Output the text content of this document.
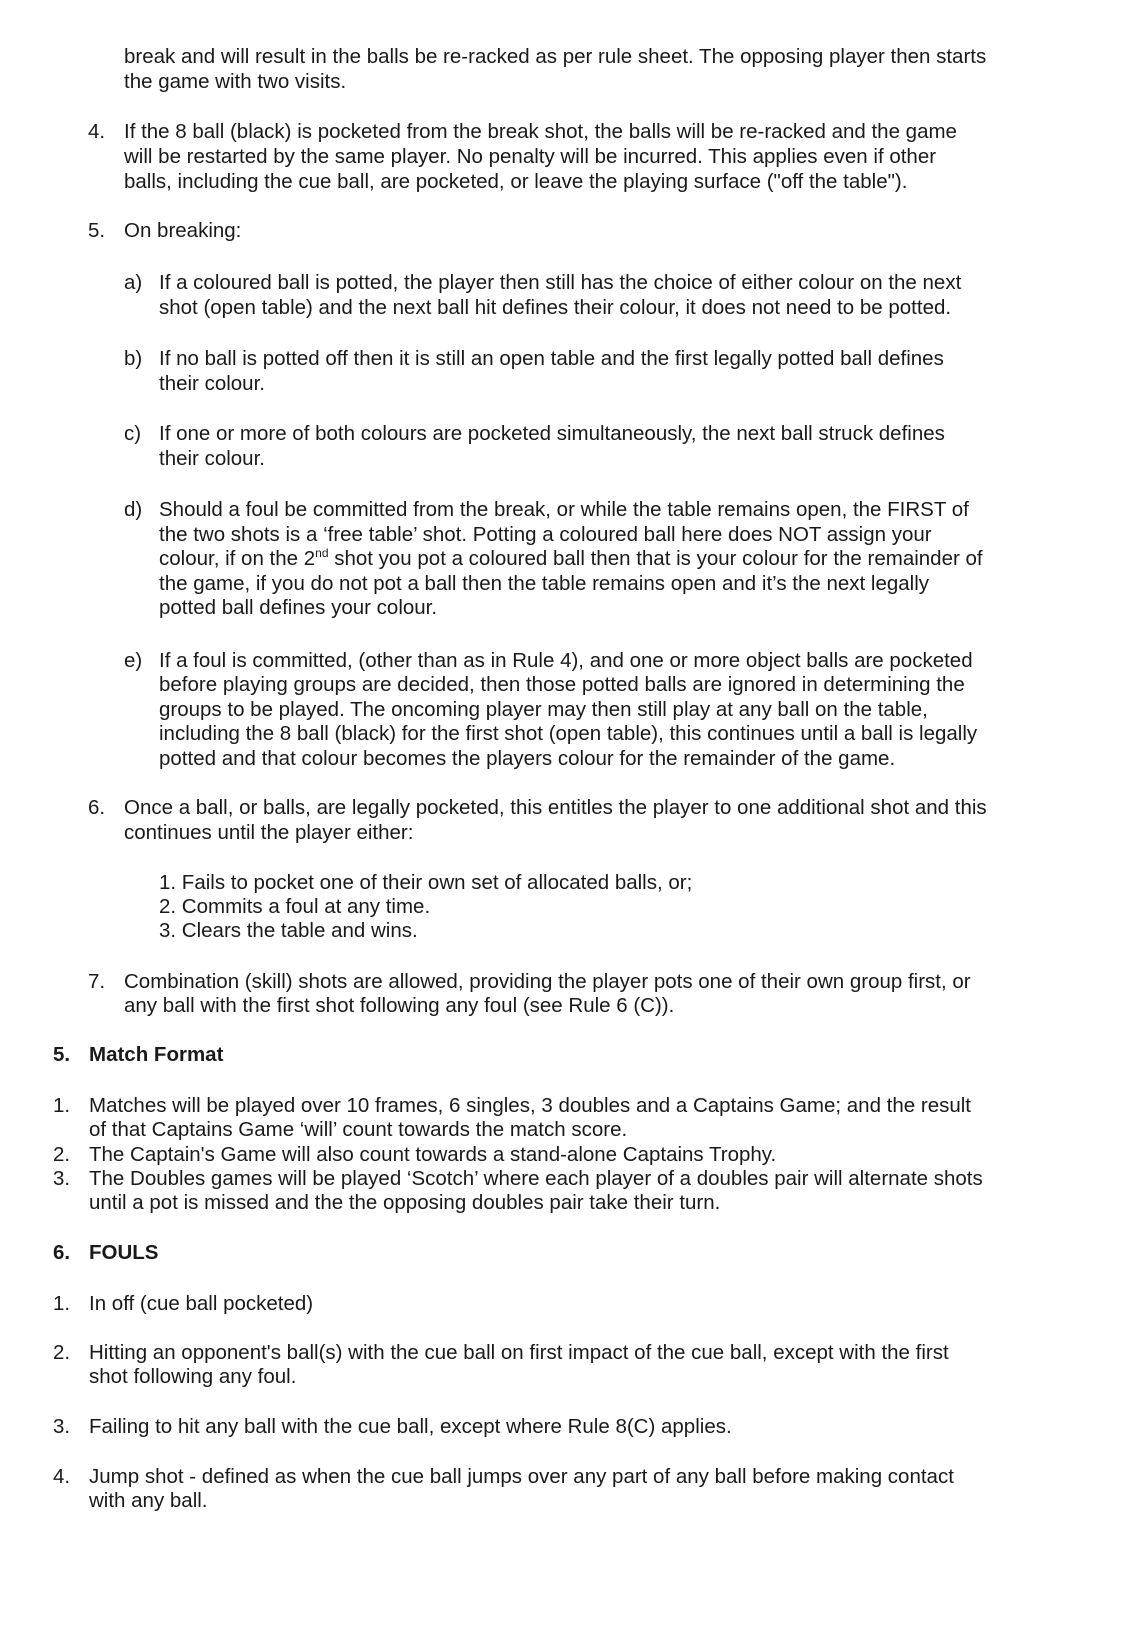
break and will result in the balls be re-racked as per rule sheet. The opposing player then starts
the game with two visits.
4. If the 8 ball (black) is pocketed from the break shot, the balls will be re-racked and the game
will be restarted by the same player. No penalty will be incurred. This applies even if other
balls, including the cue ball, are pocketed, or leave the playing surface ("off the table").
5. On breaking:
a) If a coloured ball is potted, the player then still has the choice of either colour on the next
shot (open table) and the next ball hit defines their colour, it does not need to be potted.
b) If no ball is potted off then it is still an open table and the first legally potted ball defines
their colour.
c) If one or more of both colours are pocketed simultaneously, the next ball struck defines
their colour.
d) Should a foul be committed from the break, or while the table remains open, the FIRST of
the two shots is a ‘free table’ shot. Potting a coloured ball here does NOT assign your
colour, if on the 2nd shot you pot a coloured ball then that is your colour for the remainder of
the game, if you do not pot a ball then the table remains open and it’s the next legally
potted ball defines your colour.
e) If a foul is committed, (other than as in Rule 4), and one or more object balls are pocketed
before playing groups are decided, then those potted balls are ignored in determining the
groups to be played. The oncoming player may then still play at any ball on the table,
including the 8 ball (black) for the first shot (open table), this continues until a ball is legally
potted and that colour becomes the players colour for the remainder of the game.
6. Once a ball, or balls, are legally pocketed, this entitles the player to one additional shot and this
continues until the player either:
1. Fails to pocket one of their own set of allocated balls, or;
2. Commits a foul at any time.
3. Clears the table and wins.
7. Combination (skill) shots are allowed, providing the player pots one of their own group first, or
any ball with the first shot following any foul (see Rule 6 (C)).
5. Match Format
1. Matches will be played over 10 frames, 6 singles, 3 doubles and a Captains Game; and the result
of that Captains Game ‘will’ count towards the match score.
2. The Captain's Game will also count towards a stand-alone Captains Trophy.
3. The Doubles games will be played ‘Scotch’ where each player of a doubles pair will alternate shots
until a pot is missed and the the opposing doubles pair take their turn.
6. FOULS
1. In off (cue ball pocketed)
2. Hitting an opponent's ball(s) with the cue ball on first impact of the cue ball, except with the first
shot following any foul.
3. Failing to hit any ball with the cue ball, except where Rule 8(C) applies.
4. Jump shot - defined as when the cue ball jumps over any part of any ball before making contact
with any ball.
